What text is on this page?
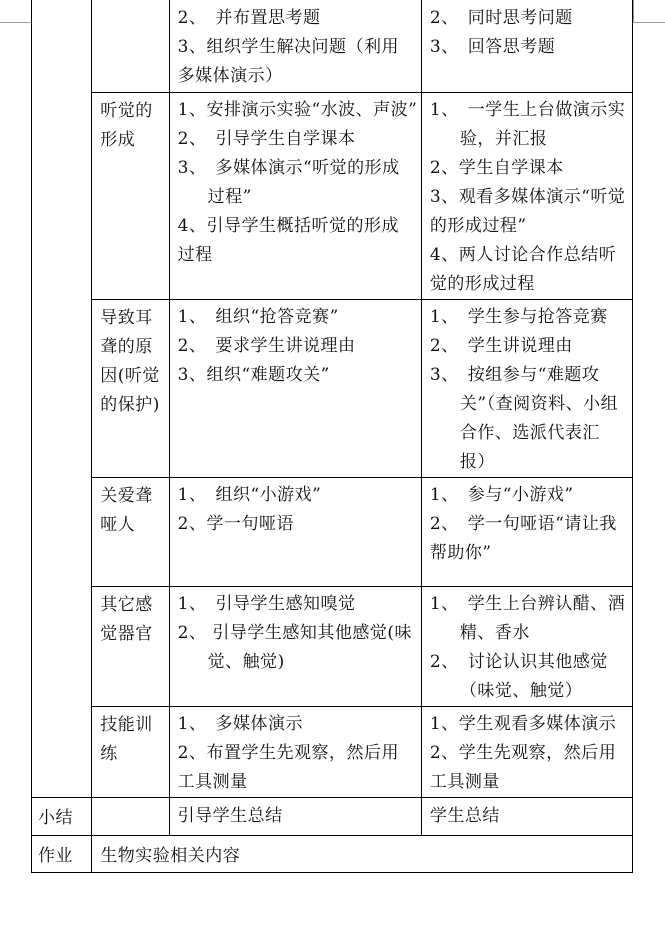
		2、　并布置思考题
3、组织学生解决问题（利用多媒体演示）	2、　同时思考问题
3、　回答思考题

	听觉的形成	1、安排演示实验“水波、声波”
2、　引导学生自学课本
3、　多媒体演示“听觉的形成过程”
4、引导学生概括听觉的形成过程	1、　一学生上台做演示实验，并汇报
2、学生自学课本
3、观看多媒体演示“听觉的形成过程”
4、两人讨论合作总结听觉的形成过程

	导致耳聋的原因(听觉的保护)	1、　组织“抢答竞赛”
2、　要求学生讲说理由
3、组织“难题攻关”	1、　学生参与抢答竞赛
2、　学生讲说理由
3、　按组参与“难题攻关”（查阅资料、小组合作、选派代表汇报）

	关爱聋哑人	1、　组织“小游戏”
2、学一句哑语	1、　参与“小游戏”
2、　学一句哑语“请让我帮助你”

	其它感觉器官	1、　引导学生感知嗅觉
2、 引导学生感知其他感觉(味觉、触觉)	1、　学生上台辨认醋、酒精、香水
2、　讨论认识其他感觉（味觉、触觉）

	技能训练	1、　多媒体演示
2、布置学生先观察，然后用工具测量	1、学生观看多媒体演示
2、学生先观察，然后用工具测量

小结		引导学生总结	学生总结
作业	生物实验相关内容		
